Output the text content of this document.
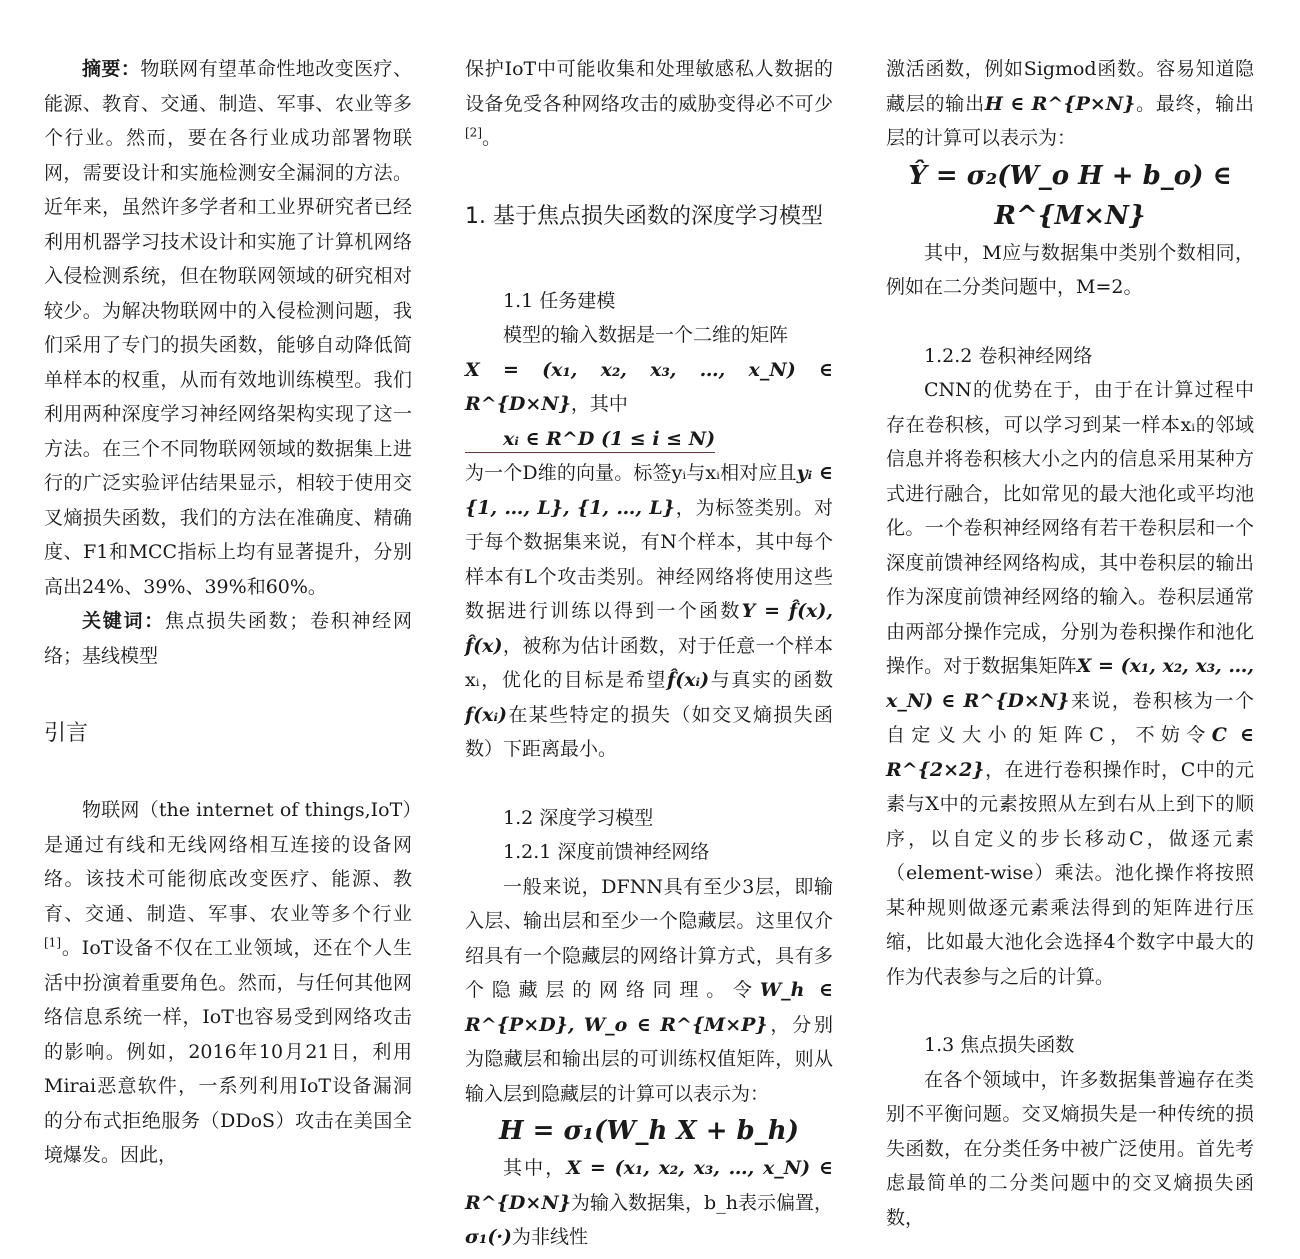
摘要：物联网有望革命性地改变医疗、能源、教育、交通、制造、军事、农业等多个行业。然而，要在各行业成功部署物联网，需要设计和实施检测安全漏洞的方法。近年来，虽然许多学者和工业界研究者已经利用机器学习技术设计和实施了计算机网络入侵检测系统，但在物联网领域的研究相对较少。为解决物联网中的入侵检测问题，我们采用了专门的损失函数，能够自动降低简单样本的权重，从而有效地训练模型。我们利用两种深度学习神经网络架构实现了这一方法。在三个不同物联网领域的数据集上进行的广泛实验评估结果显示，相较于使用交叉熵损失函数，我们的方法在准确度、精确度、F1和MCC指标上均有显著提升，分别高出24%、39%、39%和60%。

关键词：焦点损失函数；卷积神经网络；基线模型

引言

物联网（the internet of things,IoT）是通过有线和无线网络相互连接的设备网络。该技术可能彻底改变医疗、能源、教育、交通、制造、军事、农业等多个行业[1]。IoT设备不仅在工业领域，还在个人生活中扮演着重要角色。然而，与任何其他网络信息系统一样，IoT也容易受到网络攻击的影响。例如，2016年10月21日，利用Mirai恶意软件，一系列利用IoT设备漏洞的分布式拒绝服务（DDoS）攻击在美国全境爆发。因此，

保护IoT中可能收集和处理敏感私人数据的设备免受各种网络攻击的威胁变得必不可少[2]。

1. 基于焦点损失函数的深度学习模型
1.1 任务建模

模型的输入数据是一个二维的矩阵
X = (x₁, x₂, x₃, …, x_N) ∈ R^{D×N}，其中
xᵢ ∈ R^D (1 ≤ i ≤ N)
为一个D维的向量。标签yᵢ与xᵢ相对应且yᵢ ∈ {1, …, L}, {1, …, L}，为标签类别。对于每个数据集来说，有N个样本，其中每个样本有L个攻击类别。神经网络将使用这些数据进行训练以得到一个函数Y = f̂(x), f̂(x)，被称为估计函数，对于任意一个样本xᵢ，优化的目标是希望f̂(xᵢ)与真实的函数f(xᵢ)在某些特定的损失（如交叉熵损失函数）下距离最小。

1.2 深度学习模型
1.2.1 深度前馈神经网络

一般来说，DFNN具有至少3层，即输入层、输出层和至少一个隐藏层。这里仅介绍具有一个隐藏层的网络计算方式，具有多个隐藏层的网络同理。令W_h ∈ R^{P×D}, W_o ∈ R^{M×P}，分别为隐藏层和输出层的可训练权值矩阵，则从输入层到隐藏层的计算可以表示为：

H = σ₁(W_h X + b_h)

其中，X = (x₁, x₂, x₃, …, x_N) ∈ R^{D×N}为输入数据集，b_h表示偏置，σ₁(·)为非线性

激活函数，例如Sigmod函数。容易知道隐藏层的输出H ∈ R^{P×N}。最终，输出层的计算可以表示为：

Ŷ = σ₂(W_o H + b_o) ∈ R^{M×N}

其中，M应与数据集中类别个数相同，例如在二分类问题中，M=2。

1.2.2 卷积神经网络

CNN的优势在于，由于在计算过程中存在卷积核，可以学习到某一样本xᵢ的邻域信息并将卷积核大小之内的信息采用某种方式进行融合，比如常见的最大池化或平均池化。一个卷积神经网络有若干卷积层和一个深度前馈神经网络构成，其中卷积层的输出作为深度前馈神经网络的输入。卷积层通常由两部分操作完成，分别为卷积操作和池化操作。对于数据集矩阵X = (x₁, x₂, x₃, …, x_N) ∈ R^{D×N}来说，卷积核为一个自定义大小的矩阵C，不妨令C ∈ R^{2×2}，在进行卷积操作时，C中的元素与X中的元素按照从左到右从上到下的顺序，以自定义的步长移动C，做逐元素（element-wise）乘法。池化操作将按照某种规则做逐元素乘法得到的矩阵进行压缩，比如最大池化会选择4个数字中最大的作为代表参与之后的计算。

1.3 焦点损失函数

在各个领域中，许多数据集普遍存在类别不平衡问题。交叉熵损失是一种传统的损失函数，在分类任务中被广泛使用。首先考虑最简单的二分类问题中的交叉熵损失函数，
